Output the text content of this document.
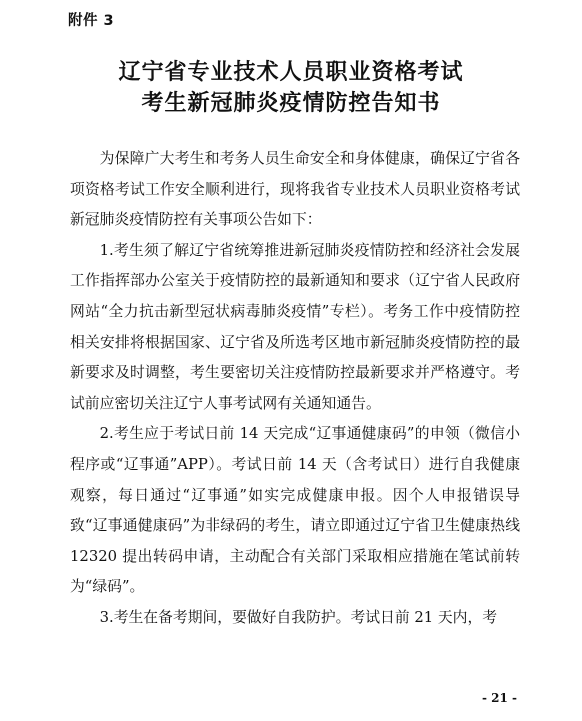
附件 3
辽宁省专业技术人员职业资格考试
考生新冠肺炎疫情防控告知书

为保障广大考生和考务人员生命安全和身体健康，确保辽宁省各项资格考试工作安全顺利进行，现将我省专业技术人员职业资格考试新冠肺炎疫情防控有关事项公告如下：

1.考生须了解辽宁省统筹推进新冠肺炎疫情防控和经济社会发展工作指挥部办公室关于疫情防控的最新通知和要求（辽宁省人民政府网站“全力抗击新型冠状病毒肺炎疫情”专栏）。考务工作中疫情防控相关安排将根据国家、辽宁省及所选考区地市新冠肺炎疫情防控的最新要求及时调整，考生要密切关注疫情防控最新要求并严格遵守。考试前应密切关注辽宁人事考试网有关通知通告。

2.考生应于考试日前 14 天完成“辽事通健康码”的申领（微信小程序或“辽事通”APP）。考试日前 14 天（含考试日）进行自我健康观察，每日通过“辽事通”如实完成健康申报。因个人申报错误导致“辽事通健康码”为非绿码的考生，请立即通过辽宁省卫生健康热线 12320 提出转码申请，主动配合有关部门采取相应措施在笔试前转为“绿码”。

3.考生在备考期间，要做好自我防护。考试日前 21 天内，考

- 21 -
